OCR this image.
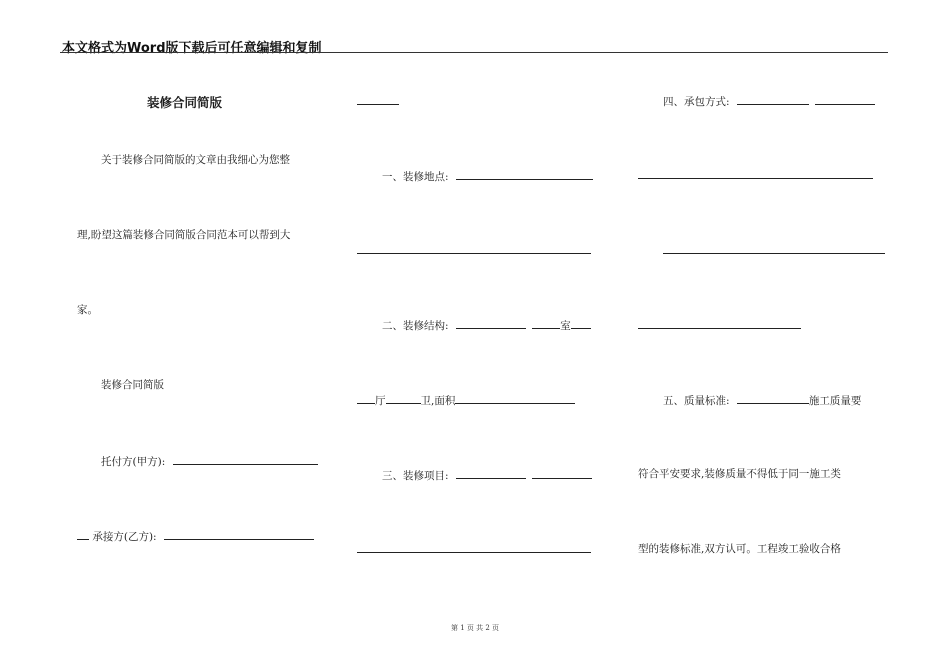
本文格式为Word版下载后可任意编辑和复制
装修合同简版
关于装修合同简版的文章由我细心为您整
理,盼望这篇装修合同简版合同范本可以帮到大
家。
装修合同简版
托付方(甲方):
承接方(乙方):
一、装修地点:
二、装修结构:	室
厅	卫,面积
三、装修项目:
四、承包方式:
五、质量标准:	施工质量要
符合平安要求,装修质量不得低于同一施工类
型的装修标准,双方认可。工程竣工验收合格
第 1 页 共 2 页
